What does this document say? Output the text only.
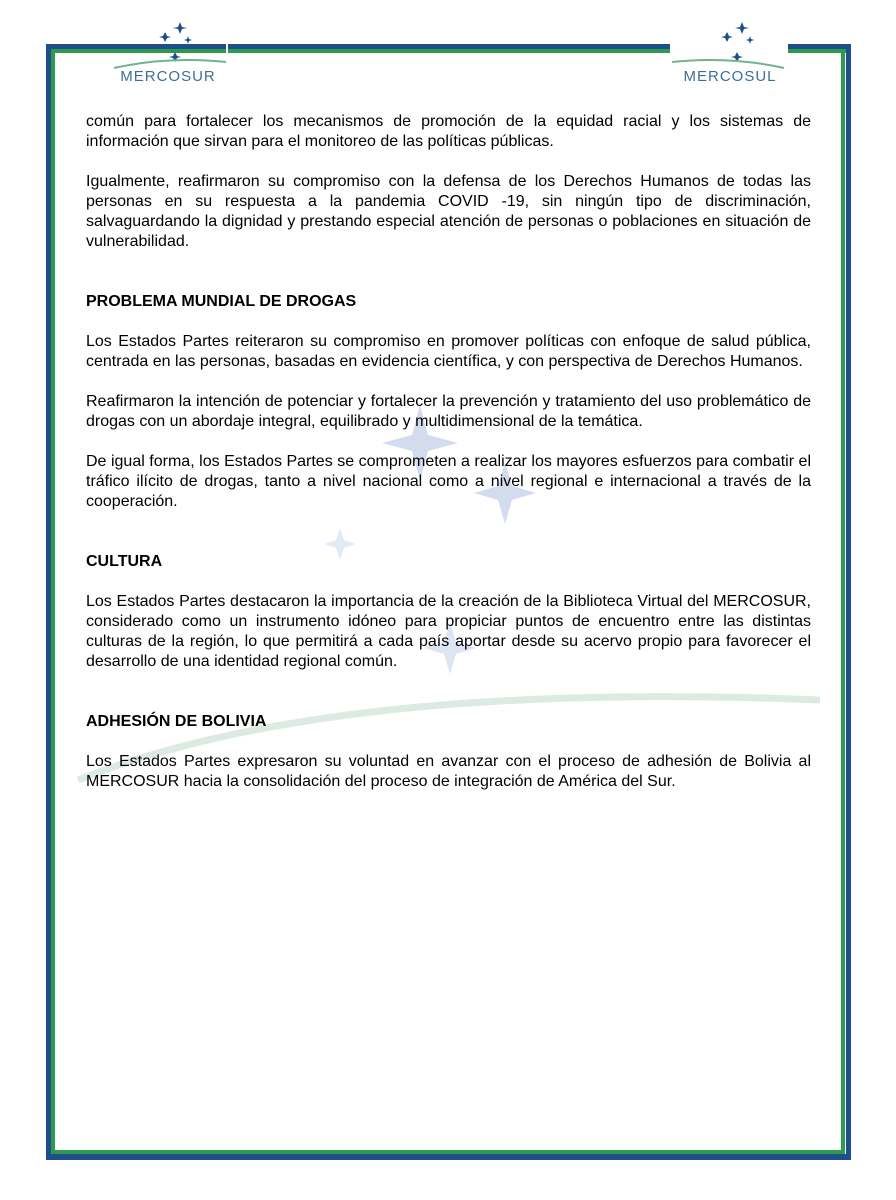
MERCOSUR	MERCOSUL

común para fortalecer los mecanismos de promoción de la equidad racial y los sistemas de información que sirvan para el monitoreo de las políticas públicas.

Igualmente, reafirmaron su compromiso con la defensa de los Derechos Humanos de todas las personas en su respuesta a la pandemia COVID -19, sin ningún tipo de discriminación, salvaguardando la dignidad y prestando especial atención de personas o poblaciones en situación de vulnerabilidad.

PROBLEMA MUNDIAL DE DROGAS

Los Estados Partes reiteraron su compromiso en promover políticas con enfoque de salud pública, centrada en las personas, basadas en evidencia científica, y con perspectiva de Derechos Humanos.

Reafirmaron la intención de potenciar y fortalecer la prevención y tratamiento del uso problemático de drogas con un abordaje integral, equilibrado y multidimensional de la temática.

De igual forma, los Estados Partes se comprometen a realizar los mayores esfuerzos para combatir el tráfico ilícito de drogas, tanto a nivel nacional como a nivel regional e internacional a través de la cooperación.

CULTURA

Los Estados Partes destacaron la importancia de la creación de la Biblioteca Virtual del MERCOSUR, considerado como un instrumento idóneo para propiciar puntos de encuentro entre las distintas culturas de la región, lo que permitirá a cada país aportar desde su acervo propio para favorecer el desarrollo de una identidad regional común.

ADHESIÓN DE BOLIVIA

Los Estados Partes expresaron su voluntad en avanzar con el proceso de adhesión de Bolivia al MERCOSUR hacia la consolidación del proceso de integración de América del Sur.
